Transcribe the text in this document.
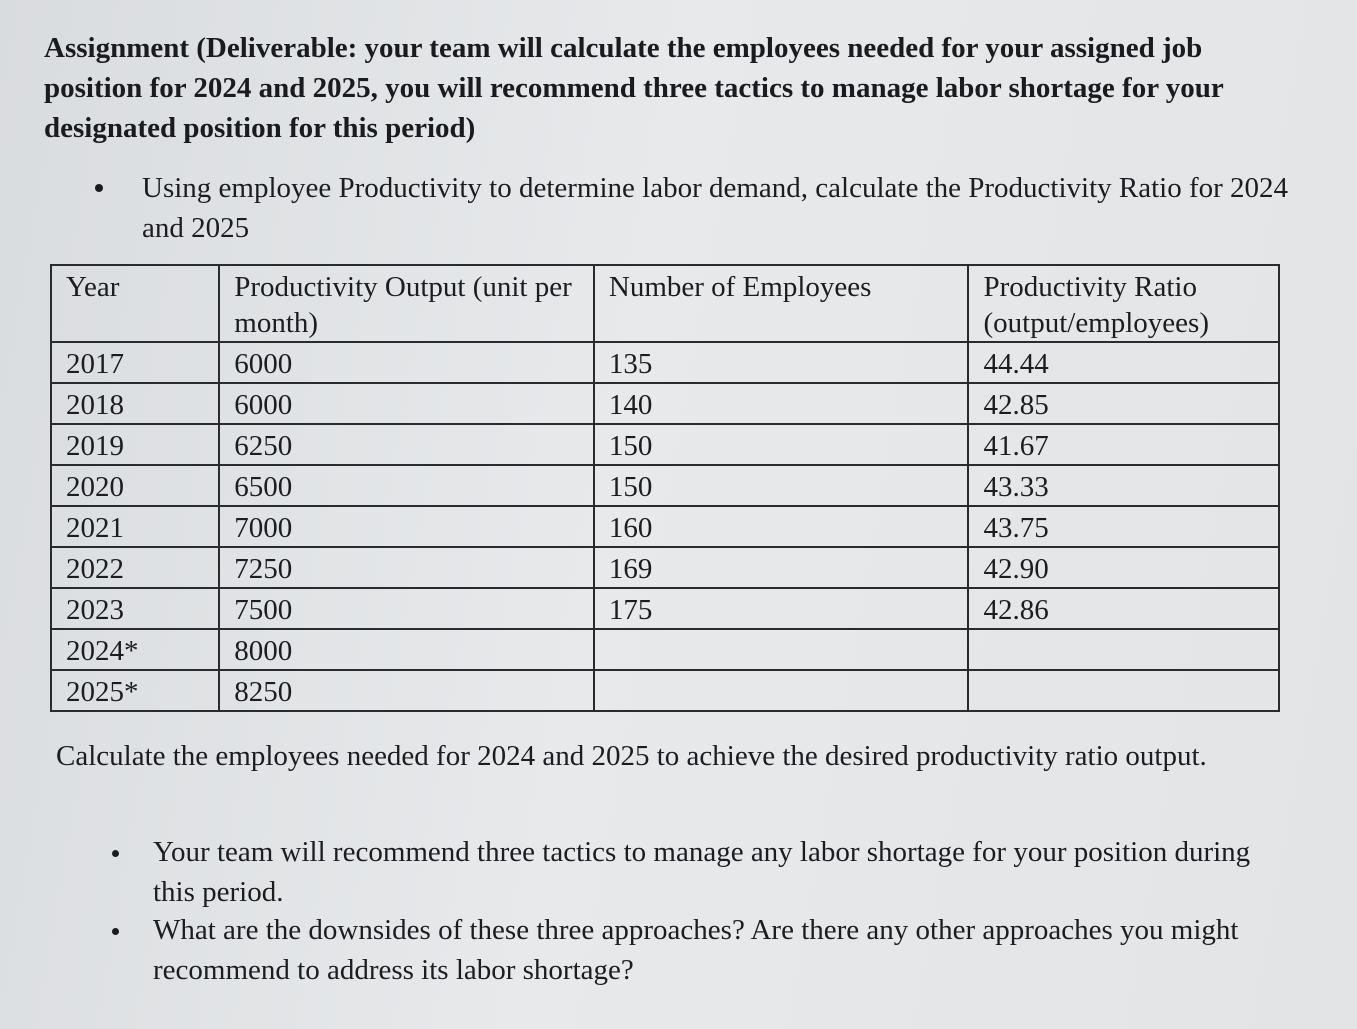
Assignment (Deliverable: your team will calculate the employees needed for your assigned job position for 2024 and 2025, you will recommend three tactics to manage labor shortage for your designated position for this period)
Using employee Productivity to determine labor demand, calculate the Productivity Ratio for 2024 and 2025
Year	Productivity Output (unit per month)	Number of Employees	Productivity Ratio (output/employees)
2017	6000	135	44.44
2018	6000	140	42.85
2019	6250	150	41.67
2020	6500	150	43.33
2021	7000	160	43.75
2022	7250	169	42.90
2023	7500	175	42.86
2024*	8000		
2025*	8250		
Calculate the employees needed for 2024 and 2025 to achieve the desired productivity ratio output.
Your team will recommend three tactics to manage any labor shortage for your position during this period.
What are the downsides of these three approaches? Are there any other approaches you might recommend to address its labor shortage?
